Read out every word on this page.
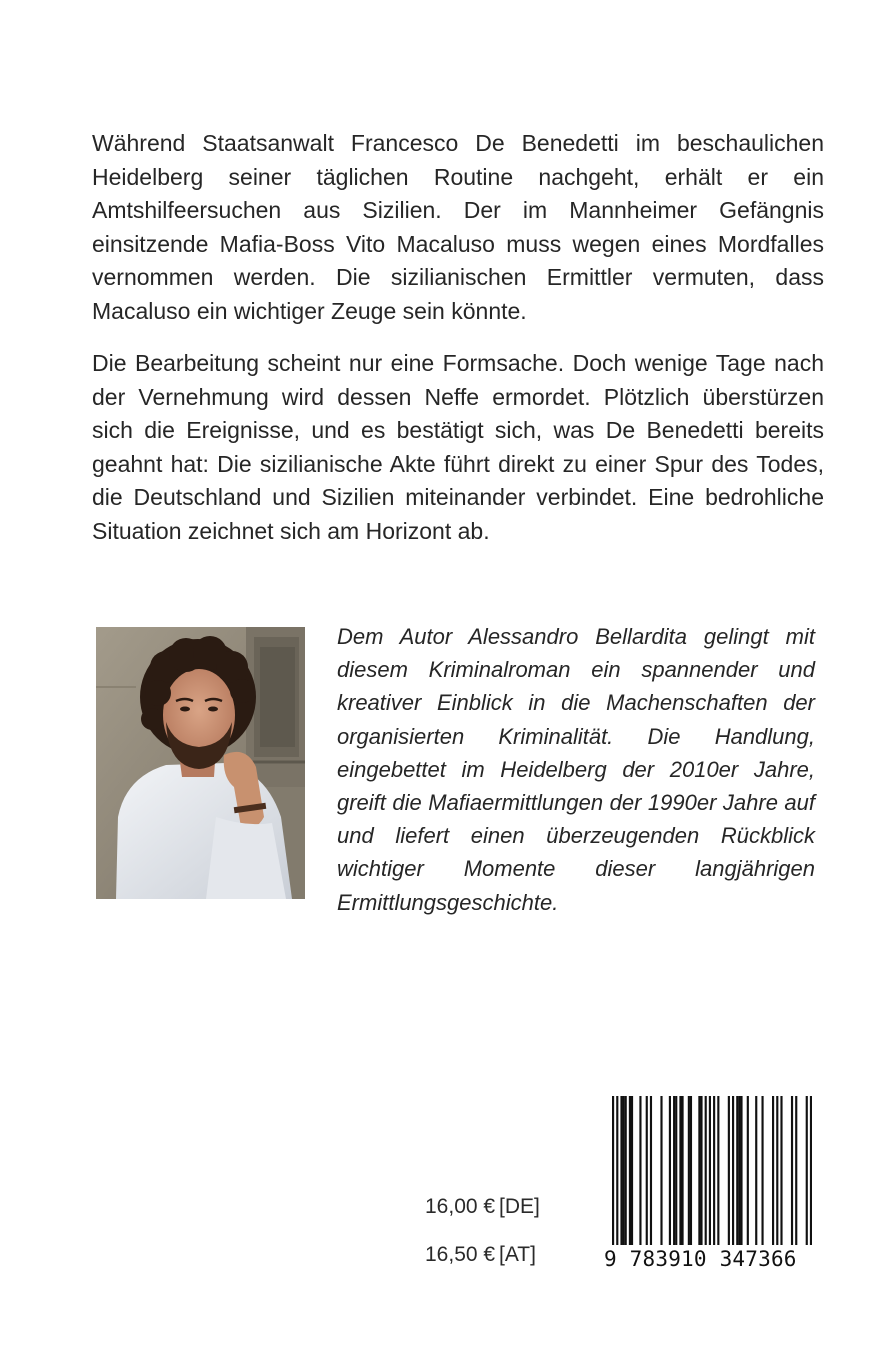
Während Staatsanwalt Francesco De Benedetti im beschaulichen Heidelberg seiner täglichen Routine nachgeht, erhält er ein Amtshilfeersuchen aus Sizilien. Der im Mannheimer Gefängnis einsitzende Mafia-Boss Vito Macaluso muss wegen eines Mordfalles vernommen werden. Die sizilianischen Ermittler vermuten, dass Macaluso ein wichtiger Zeuge sein könnte.

Die Bearbeitung scheint nur eine Formsache. Doch wenige Tage nach der Vernehmung wird dessen Neffe ermordet. Plötzlich überstürzen sich die Ereignisse, und es bestätigt sich, was De Benedetti bereits geahnt hat: Die sizilianische Akte führt direkt zu einer Spur des Todes, die Deutschland und Sizilien miteinander verbindet. Eine bedrohliche Situation zeichnet sich am Horizont ab.

Dem Autor Alessandro Bellardita gelingt mit diesem Kriminalroman ein spannender und kreativer Einblick in die Machenschaften der organisierten Kriminalität. Die Handlung, eingebettet im Heidelberg der 2010er Jahre, greift die Mafiaermittlungen der 1990er Jahre auf und liefert einen überzeugenden Rückblick wichtiger Momente dieser langjährigen Ermittlungsgeschichte.

16,00 € [DE]
16,50 € [AT]	9 783910 347366
